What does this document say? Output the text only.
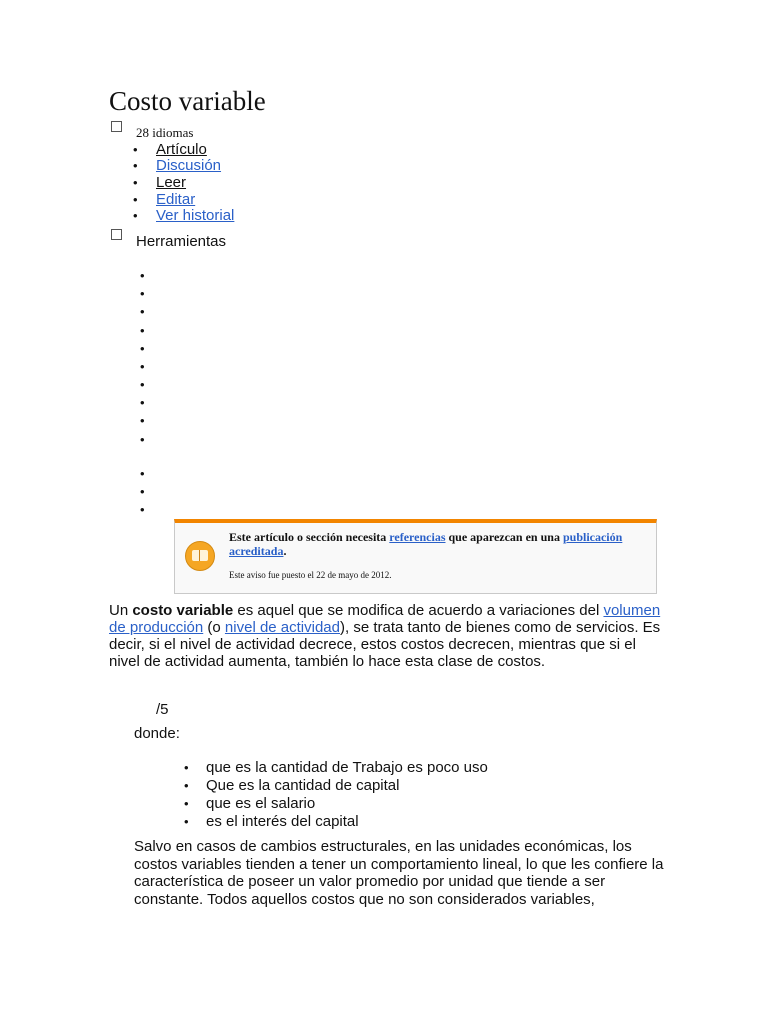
Costo variable
28 idiomas
• Artículo
• Discusión
• Leer
• Editar
• Ver historial
Herramientas
•
•
•
•
•
•
•
•
•
•
•
•
•
Este artículo o sección necesita referencias que aparezcan en una publicación acreditada.
Este aviso fue puesto el 22 de mayo de 2012.
Un costo variable es aquel que se modifica de acuerdo a variaciones del volumen de producción (o nivel de actividad), se trata tanto de bienes como de servicios. Es decir, si el nivel de actividad decrece, estos costos decrecen, mientras que si el nivel de actividad aumenta, también lo hace esta clase de costos.
/5
donde:
• que es la cantidad de Trabajo es poco uso
• Que es la cantidad de capital
• que es el salario
• es el interés del capital
Salvo en casos de cambios estructurales, en las unidades económicas, los costos variables tienden a tener un comportamiento lineal, lo que les confiere la característica de poseer un valor promedio por unidad que tiende a ser constante. Todos aquellos costos que no son considerados variables,
